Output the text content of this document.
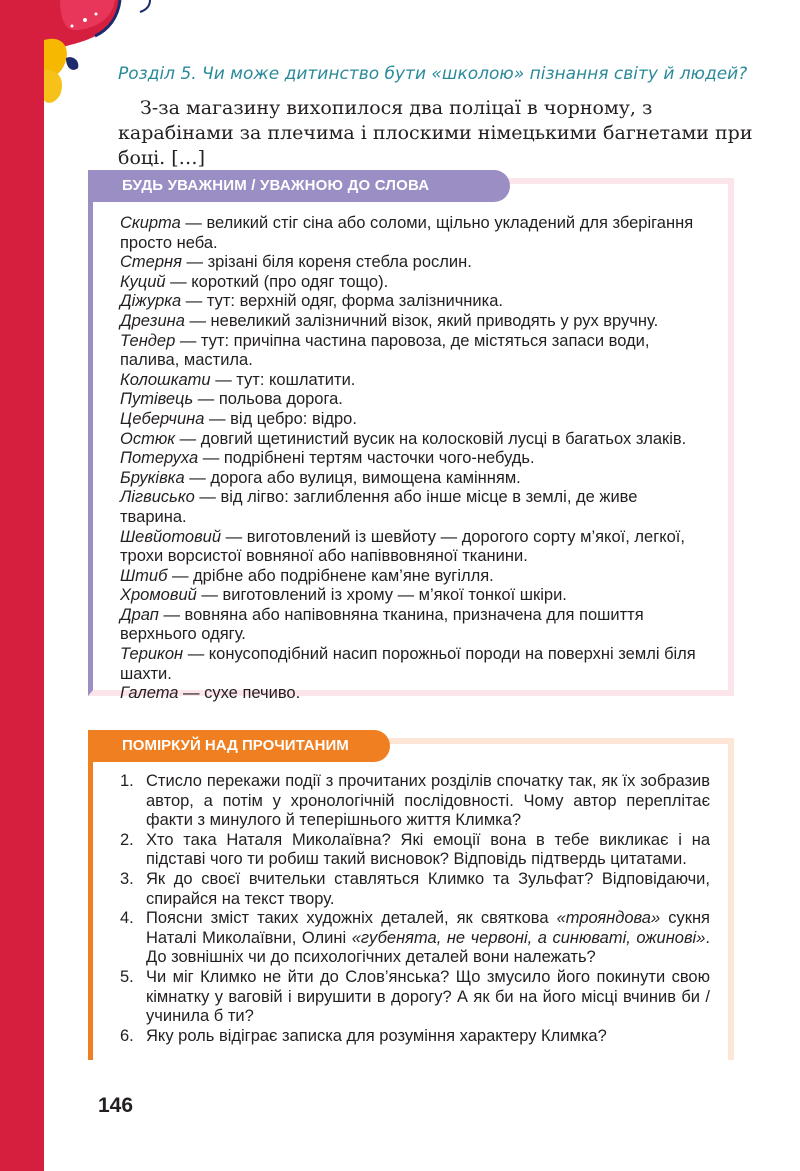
Розділ 5. Чи може дитинство бути «школою» пізнання світу й людей?

З-за магазину вихопилося два поліцаї в чорному, з карабінами за плечима і плоскими німецькими багнетами при боці. […]

БУДЬ УВАЖНИМ / УВАЖНОЮ ДО СЛОВА

Скирта — великий стіг сіна або соломи, щільно укладений для зберігання просто неба.

Стерня — зрізані біля кореня стебла рослин.

Куций — короткий (про одяг тощо).

Діжурка — тут: верхній одяг, форма залізничника.

Дрезина — невеликий залізничний візок, який приводять у рух вручну.

Тендер — тут: причіпна частина паровоза, де містяться запаси води, палива, мастила.

Колошкати — тут: кошлатити.

Путівець — польова дорога.

Цеберчина — від цебро: відро.

Остюк — довгий щетинистий вусик на колосковій лусці в багатьох злаків.

Потеруха — подрібнені тертям часточки чого-небудь.

Бруківка — дорога або вулиця, вимощена камінням.

Лігвисько — від лігво: заглиблення або інше місце в землі, де живе тварина.

Шевйотовий — виготовлений із шевйоту — дорогого сорту м’якої, легкої, трохи ворсистої вовняної або напіввовняної тканини.

Штиб — дрібне або подрібнене кам’яне вугілля.

Хромовий — виготовлений із хрому — м’якої тонкої шкіри.

Драп — вовняна або напівовняна тканина, призначена для пошиття верхнього одягу.

Терикон — конусоподібний насип порожньої породи на поверхні землі біля шахти.

Галета — сухе печиво.

ПОМІРКУЙ НАД ПРОЧИТАНИМ
1. Стисло перекажи події з прочитаних розділів спочатку так, як їх зобразив автор, а потім у хронологічній послідовності. Чому автор переплітає факти з минулого й теперішнього життя Климка?
2. Хто така Наталя Миколаївна? Які емоції вона в тебе викликає і на підставі чого ти робиш такий висновок? Відповідь підтвердь цитатами.
3. Як до своєї вчительки ставляться Климко та Зульфат? Відповідаючи, спирайся на текст твору.
4. Поясни зміст таких художніх деталей, як святкова «трояндова» сукня Наталі Миколаївни, Олині «губенята, не червоні, а синюваті, ожинові». До зовнішніх чи до психологічних деталей вони належать?
5. Чи міг Климко не йти до Слов’янська? Що змусило його покинути свою кімнатку у ваговій і вирушити в дорогу? А як би на його місці вчинив би / учинила б ти?
6. Яку роль відіграє записка для розуміння характеру Климка?
146
